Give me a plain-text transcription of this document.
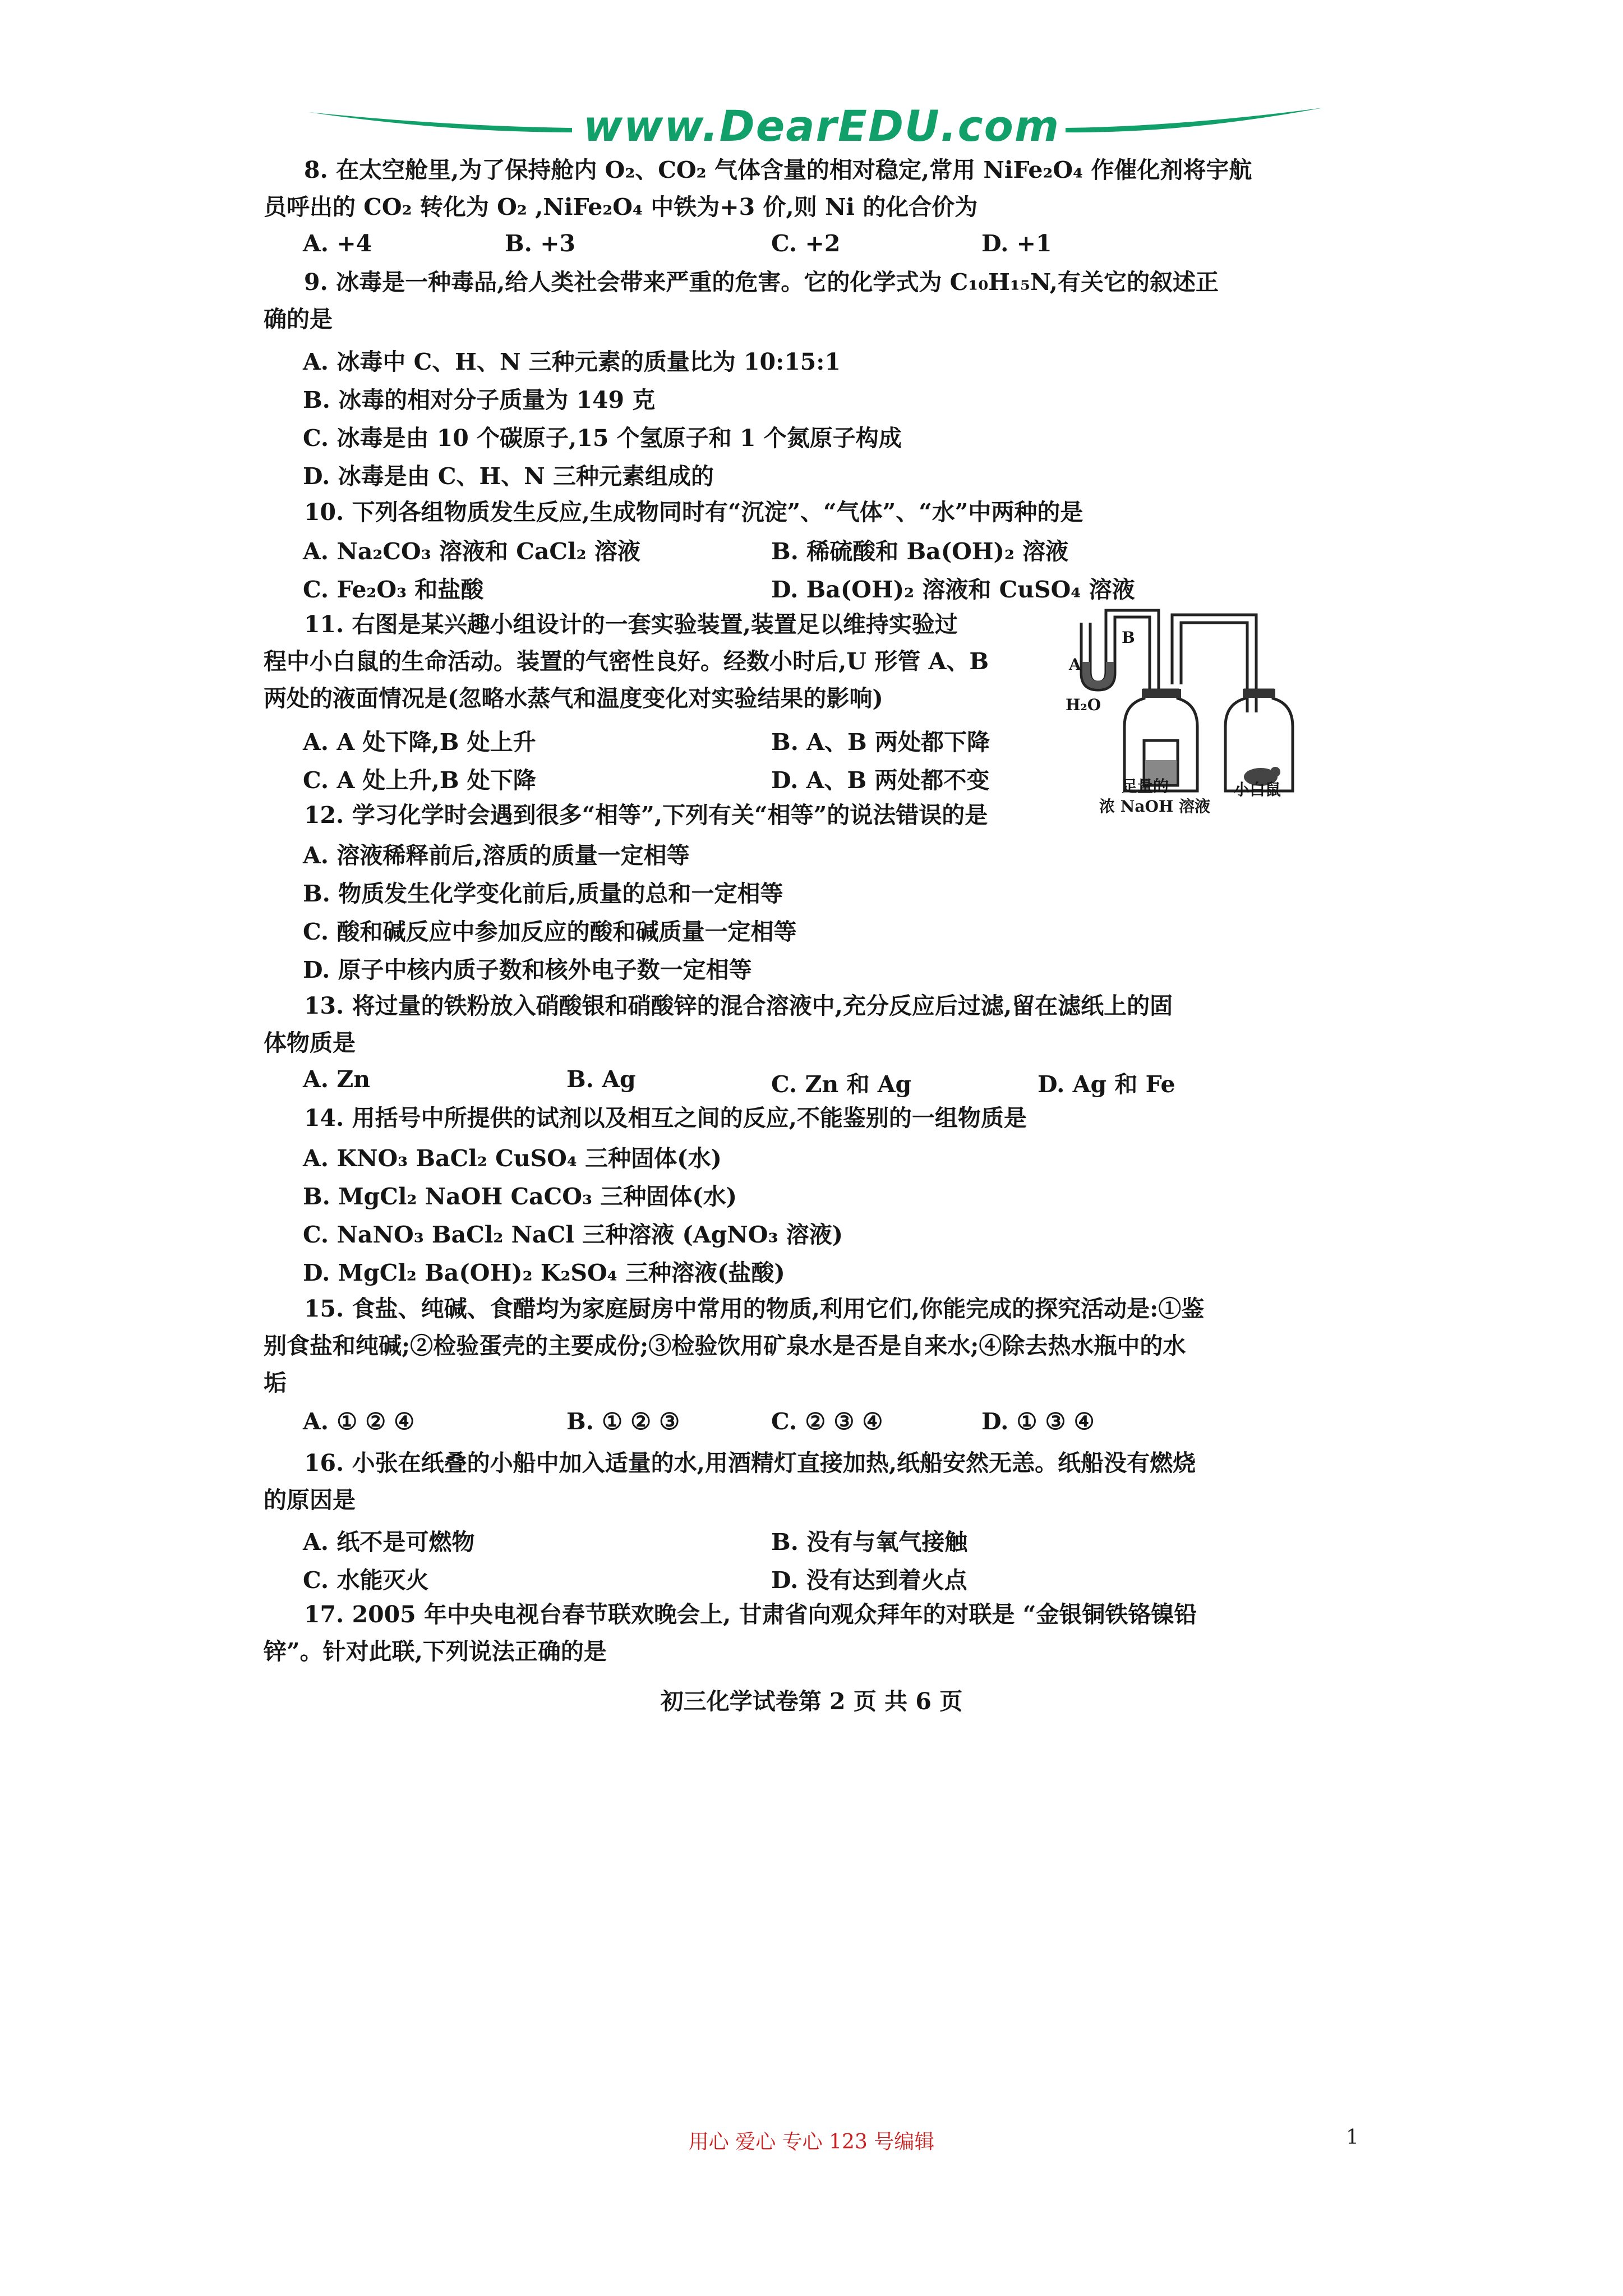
www.DearEDU.com
8. 在太空舱里,为了保持舱内 O₂、CO₂ 气体含量的相对稳定,常用 NiFe₂O₄ 作催化剂将宇航
员呼出的 CO₂ 转化为 O₂ ,NiFe₂O₄ 中铁为+3 价,则 Ni 的化合价为
A. +4	B. +3	C. +2	D. +1
9. 冰毒是一种毒品,给人类社会带来严重的危害。它的化学式为 C₁₀H₁₅N,有关它的叙述正
确的是
A. 冰毒中 C、H、N 三种元素的质量比为 10:15:1
B. 冰毒的相对分子质量为 149 克
C. 冰毒是由 10 个碳原子,15 个氢原子和 1 个氮原子构成
D. 冰毒是由 C、H、N 三种元素组成的
10. 下列各组物质发生反应,生成物同时有“沉淀”、“气体”、“水”中两种的是
A. Na₂CO₃ 溶液和 CaCl₂ 溶液	B. 稀硫酸和 Ba(OH)₂ 溶液
C. Fe₂O₃ 和盐酸	D. Ba(OH)₂ 溶液和 CuSO₄ 溶液
11. 右图是某兴趣小组设计的一套实验装置,装置足以维持实验过
程中小白鼠的生命活动。装置的气密性良好。经数小时后,U 形管 A、B
两处的液面情况是(忽略水蒸气和温度变化对实验结果的影响)
A. A 处下降,B 处上升	B. A、B 两处都下降
C. A 处上升,B 处下降	D. A、B 两处都不变
A
B
H₂O
足量的
浓 NaOH 溶液
小白鼠
12. 学习化学时会遇到很多“相等”,下列有关“相等”的说法错误的是
A. 溶液稀释前后,溶质的质量一定相等
B. 物质发生化学变化前后,质量的总和一定相等
C. 酸和碱反应中参加反应的酸和碱质量一定相等
D. 原子中核内质子数和核外电子数一定相等
13. 将过量的铁粉放入硝酸银和硝酸锌的混合溶液中,充分反应后过滤,留在滤纸上的固
体物质是
A. Zn	B. Ag	C. Zn 和 Ag	D. Ag 和 Fe
14. 用括号中所提供的试剂以及相互之间的反应,不能鉴别的一组物质是
A. KNO₃ BaCl₂ CuSO₄ 三种固体(水)
B. MgCl₂ NaOH CaCO₃ 三种固体(水)
C. NaNO₃ BaCl₂ NaCl 三种溶液 (AgNO₃ 溶液)
D. MgCl₂ Ba(OH)₂ K₂SO₄ 三种溶液(盐酸)
15. 食盐、纯碱、食醋均为家庭厨房中常用的物质,利用它们,你能完成的探究活动是:①鉴
别食盐和纯碱;②检验蛋壳的主要成份;③检验饮用矿泉水是否是自来水;④除去热水瓶中的水
垢
A. ① ② ④	B. ① ② ③	C. ② ③ ④	D. ① ③ ④
16. 小张在纸叠的小船中加入适量的水,用酒精灯直接加热,纸船安然无恙。纸船没有燃烧
的原因是
A. 纸不是可燃物	B. 没有与氧气接触
C. 水能灭火	D. 没有达到着火点
17. 2005 年中央电视台春节联欢晚会上, 甘肃省向观众拜年的对联是 “金银铜铁铬镍铅
锌”。针对此联,下列说法正确的是
初三化学试卷第 2 页 共 6 页
用心 爱心 专心 123 号编辑	1
